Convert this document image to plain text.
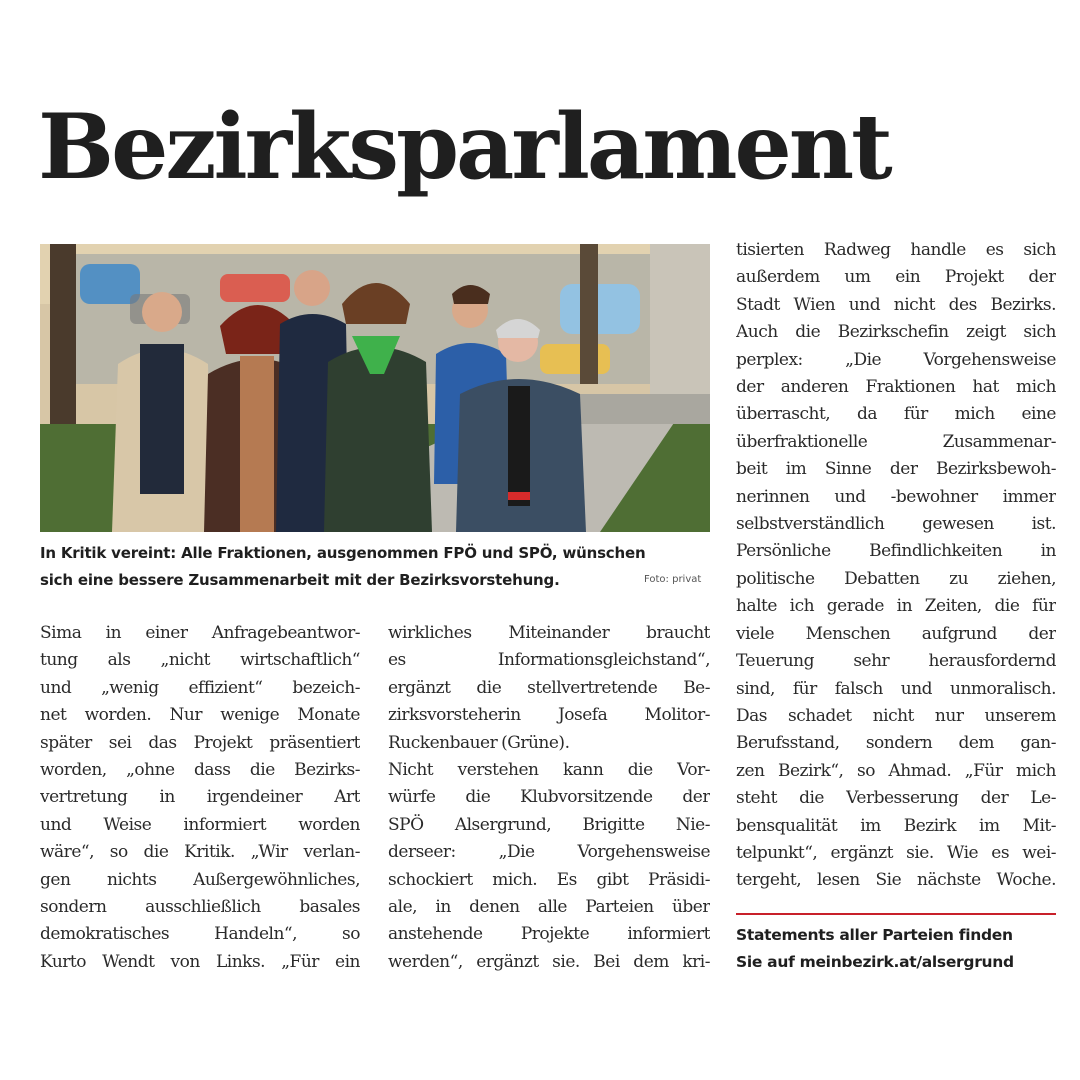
Bezirksparlament
In Kritik vereint: Alle Fraktionen, ausgenommen FPÖ und SPÖ, wünschen
sich eine bessere Zusammenarbeit mit der Bezirksvorstehung.	Foto: privat
Sima in einer Anfragebeantwor-
tung als „nicht wirtschaftlich“
und „wenig effizient“ bezeich-
net worden. Nur wenige Monate
später sei das Projekt präsentiert
worden, „ohne dass die Bezirks-
vertretung in irgendeiner Art
und Weise informiert worden
wäre“, so die Kritik. „Wir verlan-
gen nichts Außergewöhnliches,
sondern ausschließlich basales
demokratisches Handeln“, so
Kurto Wendt von Links. „Für ein
wirkliches Miteinander braucht
es Informationsgleichstand“,
ergänzt die stellvertretende Be-
zirksvorsteherin Josefa Molitor-
Ruckenbauer (Grüne).
Nicht verstehen kann die Vor-
würfe die Klubvorsitzende der
SPÖ Alsergrund, Brigitte Nie-
derseer: „Die Vorgehensweise
schockiert mich. Es gibt Präsidi-
ale, in denen alle Parteien über
anstehende Projekte informiert
werden“, ergänzt sie. Bei dem kri-
tisierten Radweg handle es sich
außerdem um ein Projekt der
Stadt Wien und nicht des Bezirks.
Auch die Bezirkschefin zeigt sich
perplex: „Die Vorgehensweise
der anderen Fraktionen hat mich
überrascht, da für mich eine
überfraktionelle Zusammenar-
beit im Sinne der Bezirksbewoh-
nerinnen und -bewohner immer
selbstverständlich gewesen ist.
Persönliche Befindlichkeiten in
politische Debatten zu ziehen,
halte ich gerade in Zeiten, die für
viele Menschen aufgrund der
Teuerung sehr herausfordernd
sind, für falsch und unmoralisch.
Das schadet nicht nur unserem
Berufsstand, sondern dem gan-
zen Bezirk“, so Ahmad. „Für mich
steht die Verbesserung der Le-
bensqualität im Bezirk im Mit-
telpunkt“, ergänzt sie. Wie es wei-
tergeht, lesen Sie nächste Woche.
Statements aller Parteien finden
Sie auf meinbezirk.at/alsergrund
